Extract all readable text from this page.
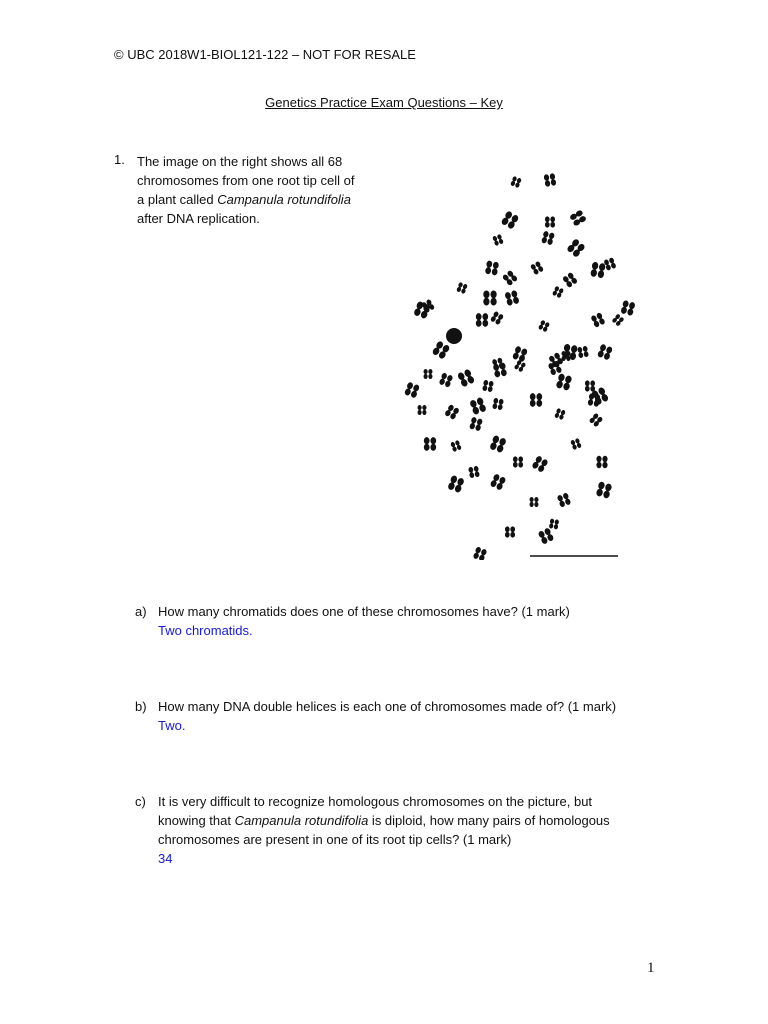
© UBC 2018W1-BIOL121-122 – NOT FOR RESALE
Genetics Practice Exam Questions – Key
1. The image on the right shows all 68
chromosomes from one root tip cell of
a plant called Campanula rotundifolia
after DNA replication.
a) How many chromatids does one of these chromosomes have? (1 mark)
Two chromatids.
b) How many DNA double helices is each one of chromosomes made of? (1 mark)
Two.
c) It is very difficult to recognize homologous chromosomes on the picture, but
knowing that Campanula rotundifolia is diploid, how many pairs of homologous
chromosomes are present in one of its root tip cells? (1 mark)
34
1
